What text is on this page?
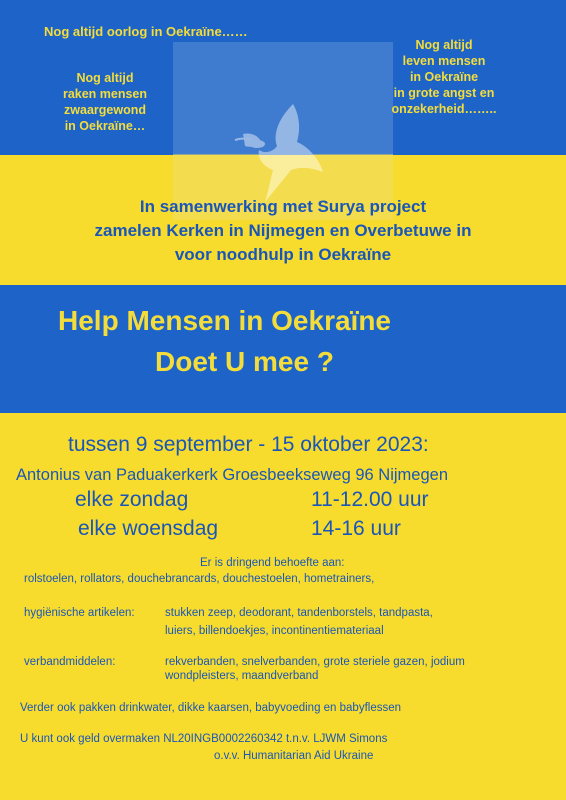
Nog altijd oorlog in Oekraïne……
Nog altijd
raken mensen
zwaargewond
in Oekraïne…
Nog altijd
leven mensen
in Oekraïne
in grote angst en
onzekerheid……..
In samenwerking met Surya project
zamelen Kerken in Nijmegen en Overbetuwe in
voor noodhulp in Oekraïne
Help Mensen in Oekraïne
Doet U mee ?
tussen 9 september - 15 oktober 2023:
Antonius van Paduakerkerk Groesbeekseweg 96 Nijmegen
elke zondag	11-12.00 uur
elke woensdag	14-16 uur
Er is dringend behoefte aan:
rolstoelen, rollators, douchebrancards, douchestoelen, hometrainers,
hygiënische artikelen:	stukken zeep, deodorant, tandenborstels, tandpasta,
luiers, billendoekjes, incontinentiemateriaal
verbandmiddelen:	rekverbanden, snelverbanden, grote steriele gazen, jodium
wondpleisters, maandverband
Verder ook pakken drinkwater, dikke kaarsen, babyvoeding en babyflessen
U kunt ook geld overmaken NL20INGB0002260342 t.n.v. LJWM Simons
o.v.v. Humanitarian Aid Ukraine
